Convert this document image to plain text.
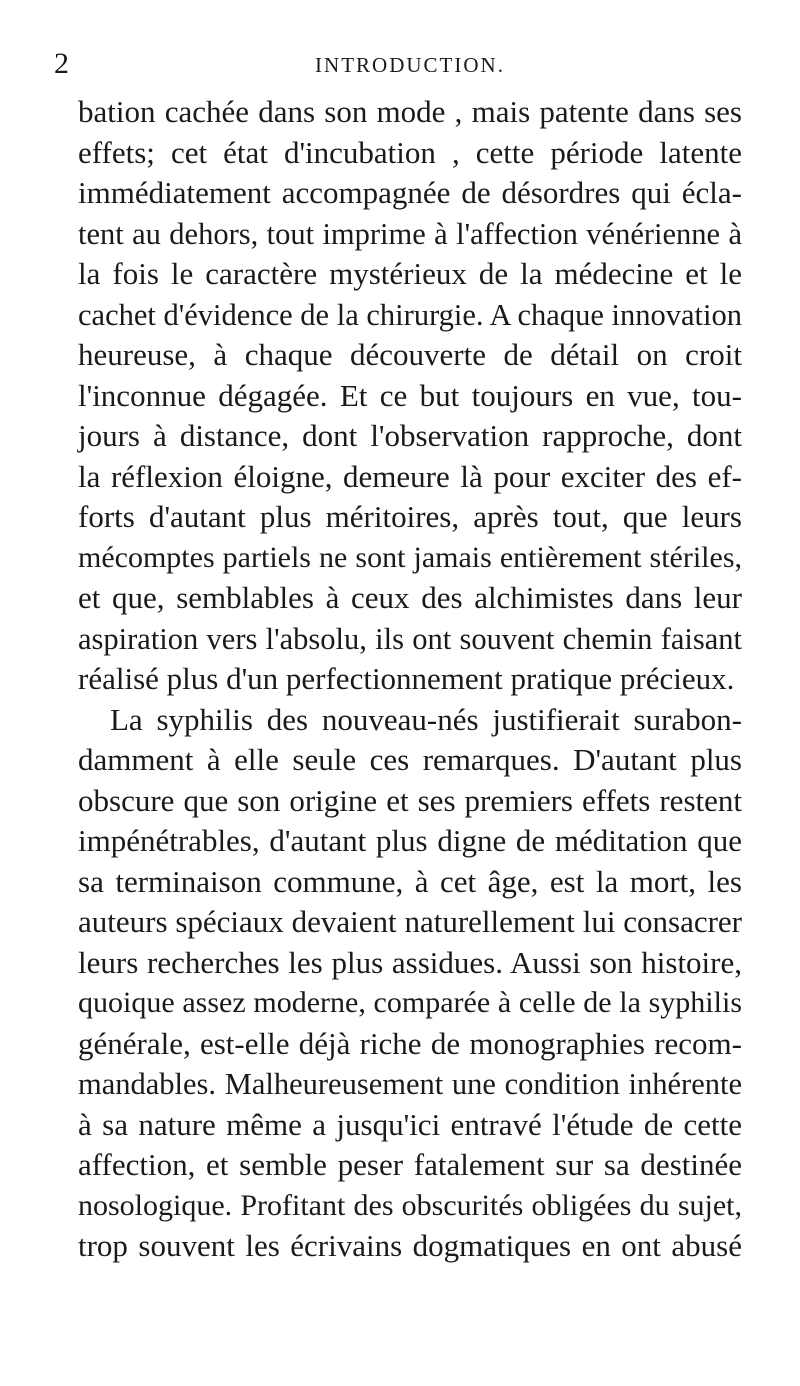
2	INTRODUCTION.
bation cachée dans son mode , mais patente dans ses
effets; cet état d'incubation , cette période latente
immédiatement accompagnée de désordres qui écla-
tent au dehors, tout imprime à l'affection vénérienne à
la fois le caractère mystérieux de la médecine et le
cachet d'évidence de la chirurgie. A chaque innovation
heureuse, à chaque découverte de détail on croit
l'inconnue dégagée. Et ce but toujours en vue, tou-
jours à distance, dont l'observation rapproche, dont
la réflexion éloigne, demeure là pour exciter des ef-
forts d'autant plus méritoires, après tout, que leurs
mécomptes partiels ne sont jamais entièrement stériles,
et que, semblables à ceux des alchimistes dans leur
aspiration vers l'absolu, ils ont souvent chemin faisant
réalisé plus d'un perfectionnement pratique précieux.
La syphilis des nouveau-nés justifierait surabon-
damment à elle seule ces remarques. D'autant plus
obscure que son origine et ses premiers effets restent
impénétrables, d'autant plus digne de méditation que
sa terminaison commune, à cet âge, est la mort, les
auteurs spéciaux devaient naturellement lui consacrer
leurs recherches les plus assidues. Aussi son histoire,
quoique assez moderne, comparée à celle de la syphilis
générale, est-elle déjà riche de monographies recom-
mandables. Malheureusement une condition inhérente
à sa nature même a jusqu'ici entravé l'étude de cette
affection, et semble peser fatalement sur sa destinée
nosologique. Profitant des obscurités obligées du sujet,
trop souvent les écrivains dogmatiques en ont abusé
